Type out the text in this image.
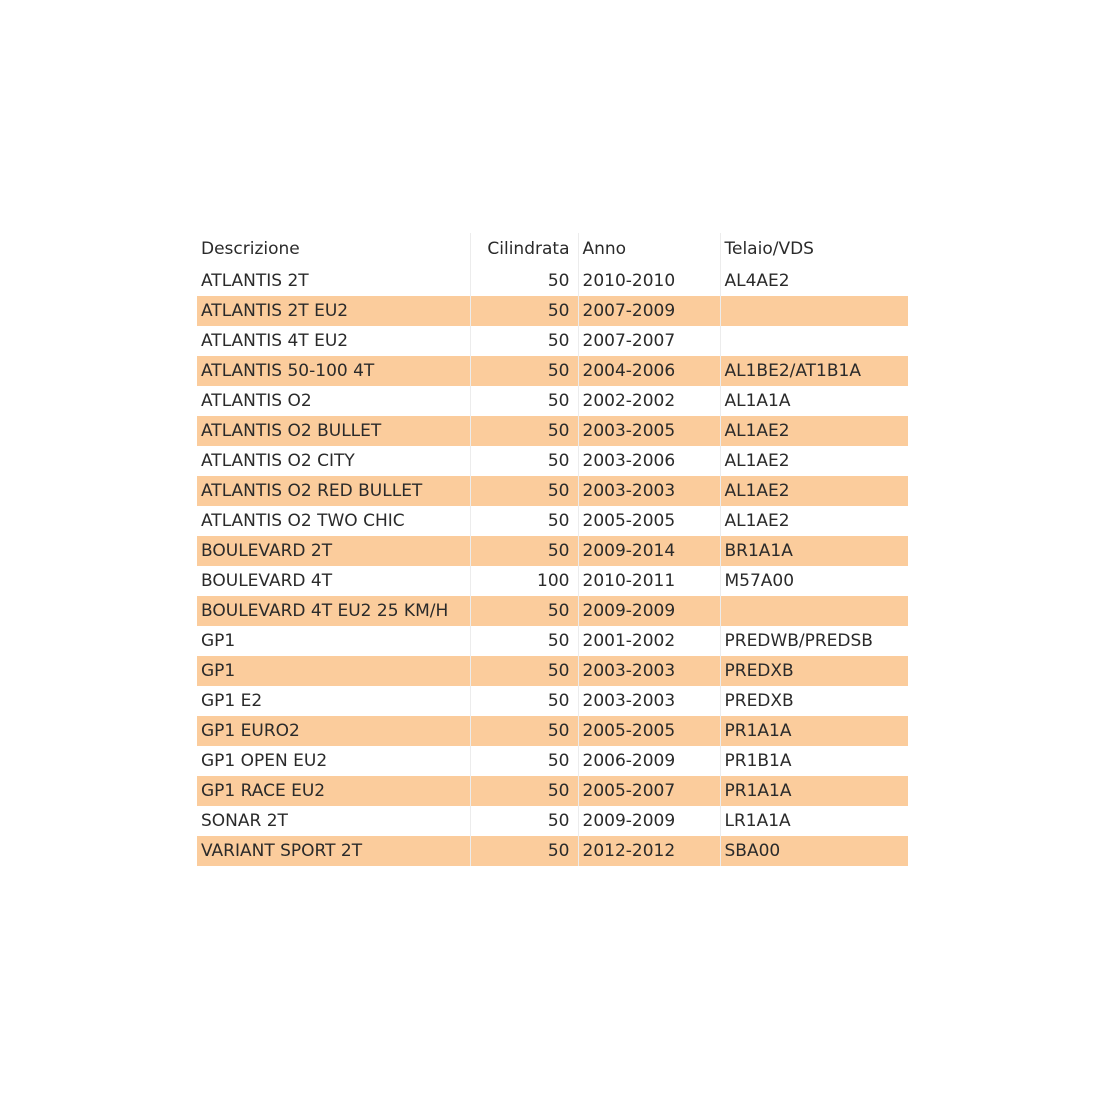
Descrizione	Cilindrata	Anno	Telaio/VDS
ATLANTIS 2T	50	2010-2010	AL4AE2
ATLANTIS 2T EU2	50	2007-2009	
ATLANTIS 4T EU2	50	2007-2007	
ATLANTIS 50-100 4T	50	2004-2006	AL1BE2/AT1B1A
ATLANTIS O2	50	2002-2002	AL1A1A
ATLANTIS O2 BULLET	50	2003-2005	AL1AE2
ATLANTIS O2 CITY	50	2003-2006	AL1AE2
ATLANTIS O2 RED BULLET	50	2003-2003	AL1AE2
ATLANTIS O2 TWO CHIC	50	2005-2005	AL1AE2
BOULEVARD 2T	50	2009-2014	BR1A1A
BOULEVARD 4T	100	2010-2011	M57A00
BOULEVARD 4T EU2 25 KM/H	50	2009-2009	
GP1	50	2001-2002	PREDWB/PREDSB
GP1	50	2003-2003	PREDXB
GP1 E2	50	2003-2003	PREDXB
GP1 EURO2	50	2005-2005	PR1A1A
GP1 OPEN EU2	50	2006-2009	PR1B1A
GP1 RACE EU2	50	2005-2007	PR1A1A
SONAR 2T	50	2009-2009	LR1A1A
VARIANT SPORT 2T	50	2012-2012	SBA00
